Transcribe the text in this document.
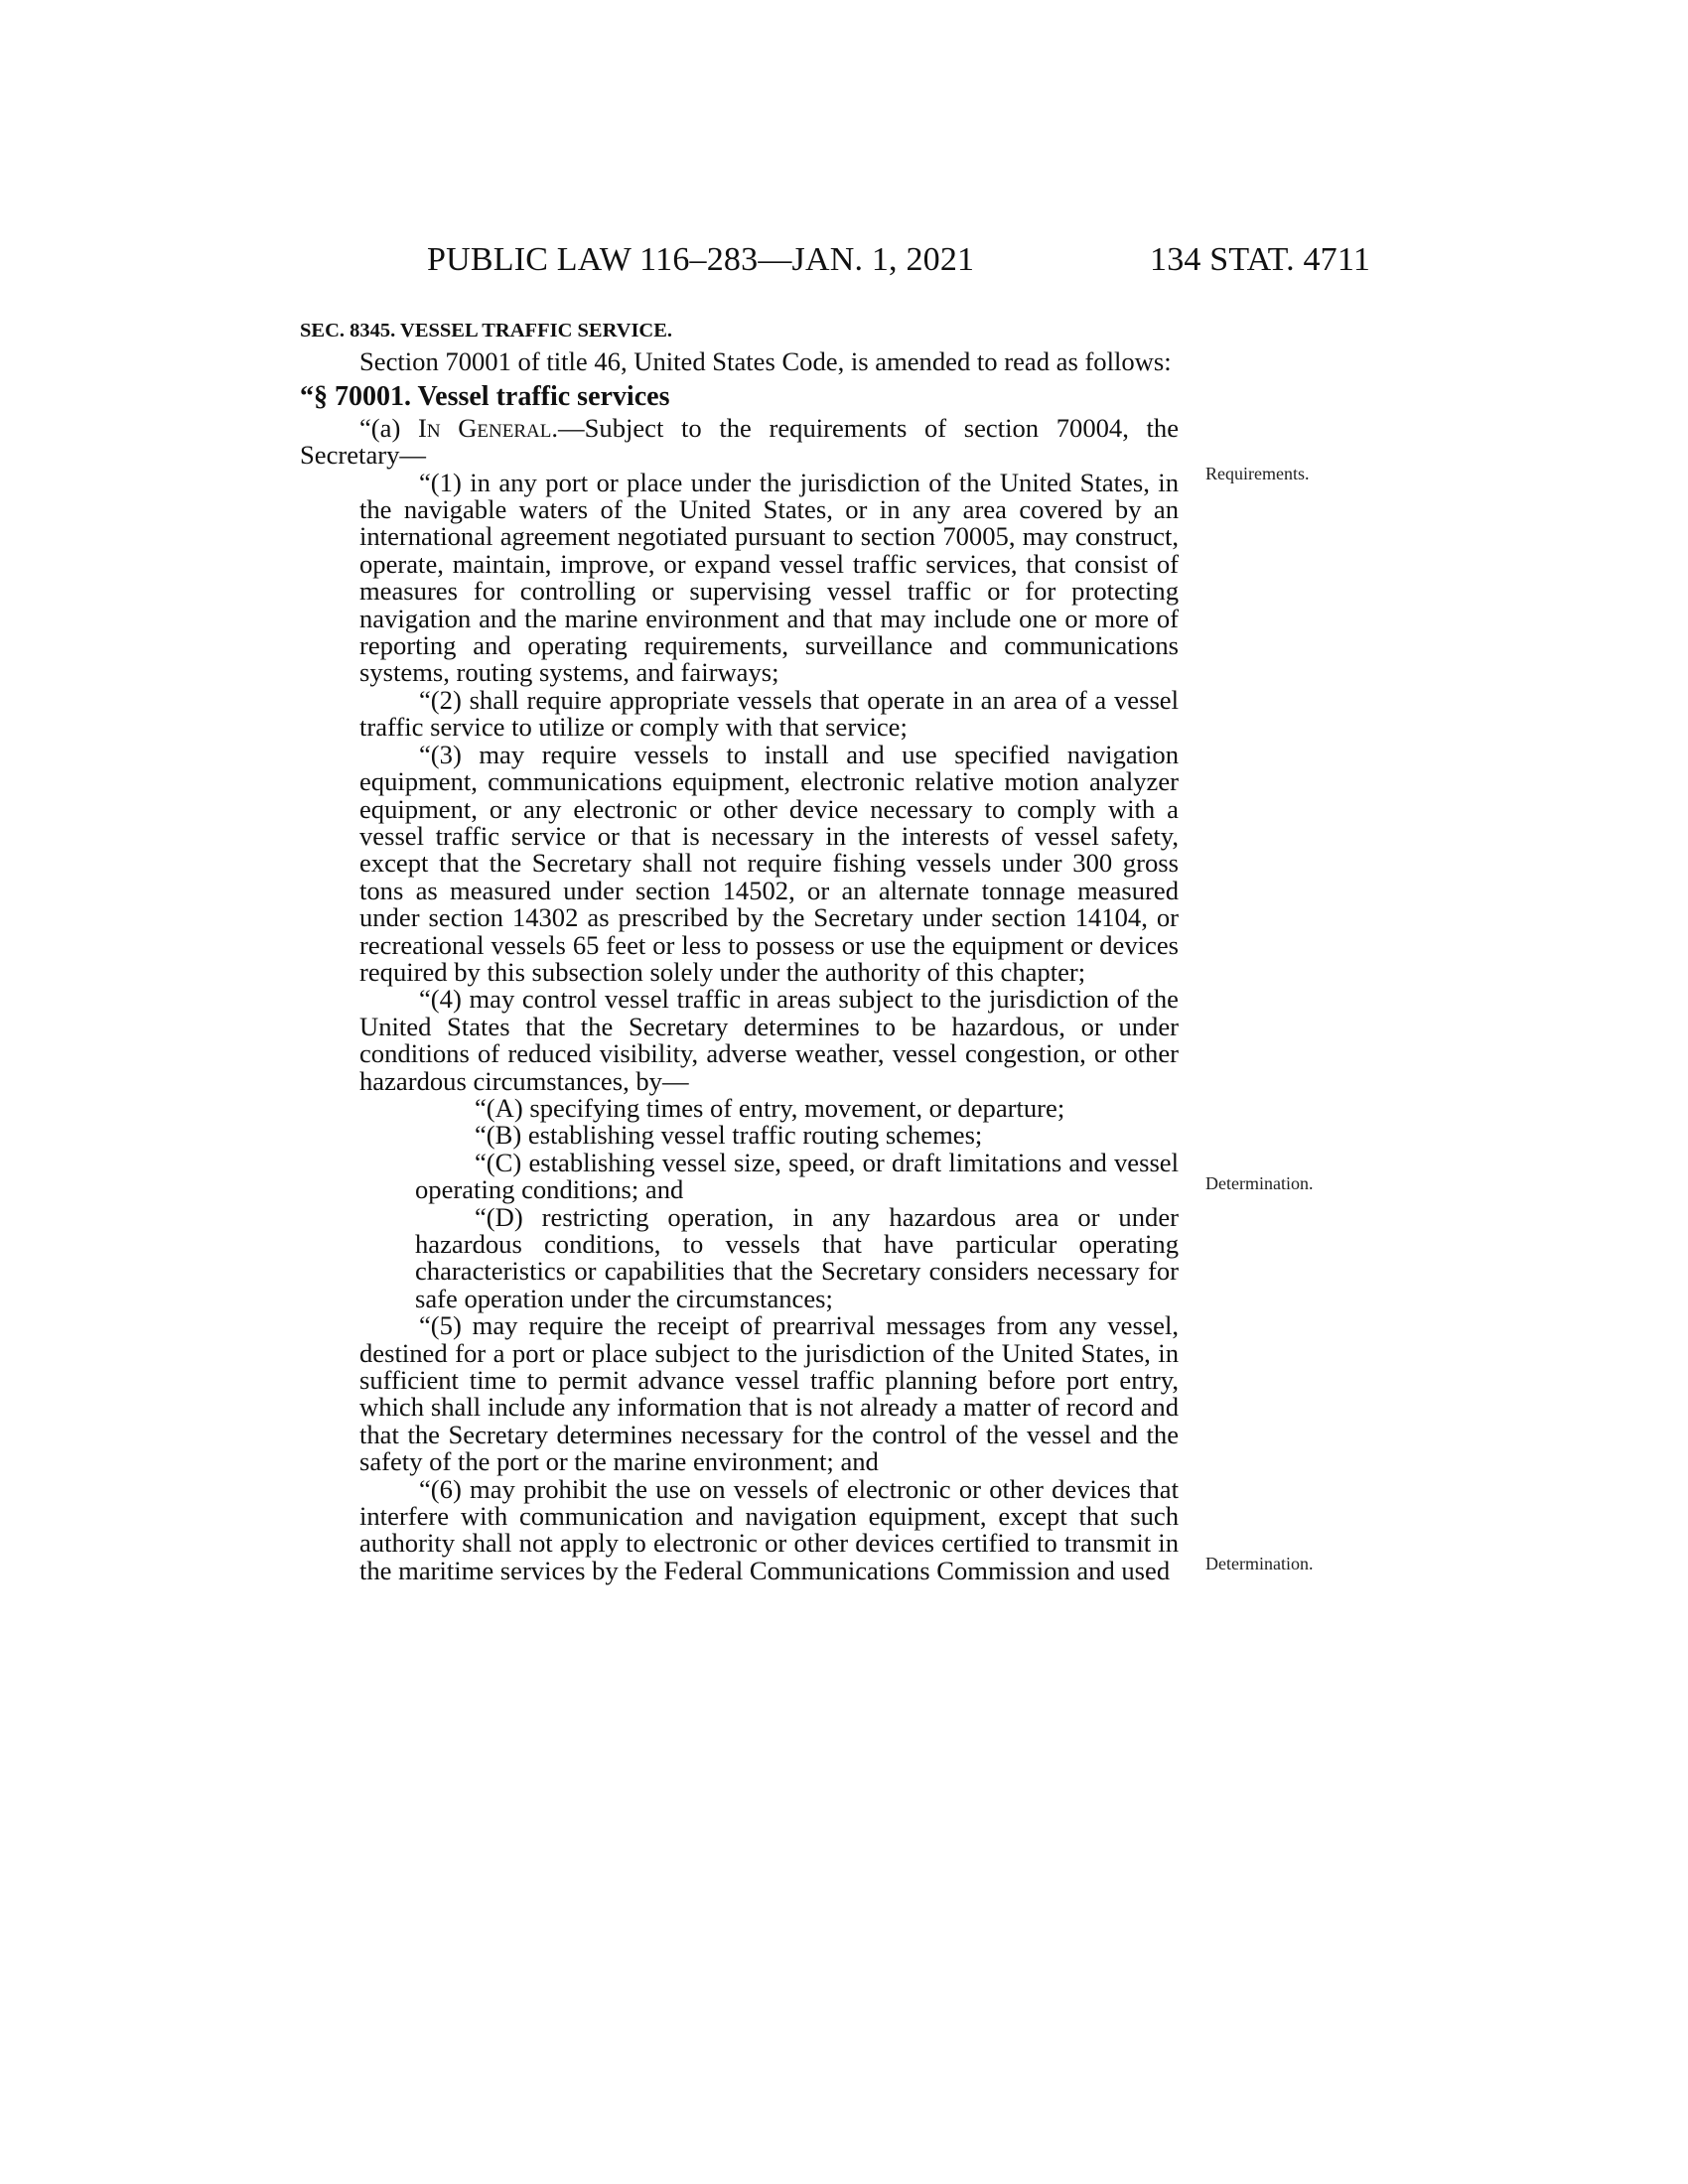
PUBLIC LAW 116–283—JAN. 1, 2021	134 STAT. 4711
SEC. 8345. VESSEL TRAFFIC SERVICE.

Section 70001 of title 46, United States Code, is amended to read as follows:

“§ 70001. Vessel traffic services

“(a) In General.—Subject to the requirements of section 70004, the Secretary—

“(1) in any port or place under the jurisdiction of the United States, in the navigable waters of the United States, or in any area covered by an international agreement negotiated pursuant to section 70005, may construct, operate, maintain, improve, or expand vessel traffic services, that consist of measures for controlling or supervising vessel traffic or for protecting navigation and the marine environment and that may include one or more of reporting and operating requirements, surveillance and communications systems, routing systems, and fairways;

“(2) shall require appropriate vessels that operate in an area of a vessel traffic service to utilize or comply with that service;

“(3) may require vessels to install and use specified navigation equipment, communications equipment, electronic relative motion analyzer equipment, or any electronic or other device necessary to comply with a vessel traffic service or that is necessary in the interests of vessel safety, except that the Secretary shall not require fishing vessels under 300 gross tons as measured under section 14502, or an alternate tonnage measured under section 14302 as prescribed by the Secretary under section 14104, or recreational vessels 65 feet or less to possess or use the equipment or devices required by this subsection solely under the authority of this chapter;

“(4) may control vessel traffic in areas subject to the jurisdiction of the United States that the Secretary determines to be hazardous, or under conditions of reduced visibility, adverse weather, vessel congestion, or other hazardous circumstances, by—

“(A) specifying times of entry, movement, or departure;

“(B) establishing vessel traffic routing schemes;

“(C) establishing vessel size, speed, or draft limitations and vessel operating conditions; and

“(D) restricting operation, in any hazardous area or under hazardous conditions, to vessels that have particular operating characteristics or capabilities that the Secretary considers necessary for safe operation under the circumstances;

“(5) may require the receipt of prearrival messages from any vessel, destined for a port or place subject to the jurisdiction of the United States, in sufficient time to permit advance vessel traffic planning before port entry, which shall include any information that is not already a matter of record and that the Secretary determines necessary for the control of the vessel and the safety of the port or the marine environment; and

“(6) may prohibit the use on vessels of electronic or other devices that interfere with communication and navigation equipment, except that such authority shall not apply to electronic or other devices certified to transmit in the maritime services by the Federal Communications Commission and used

Requirements.
Determination.
Determination.
